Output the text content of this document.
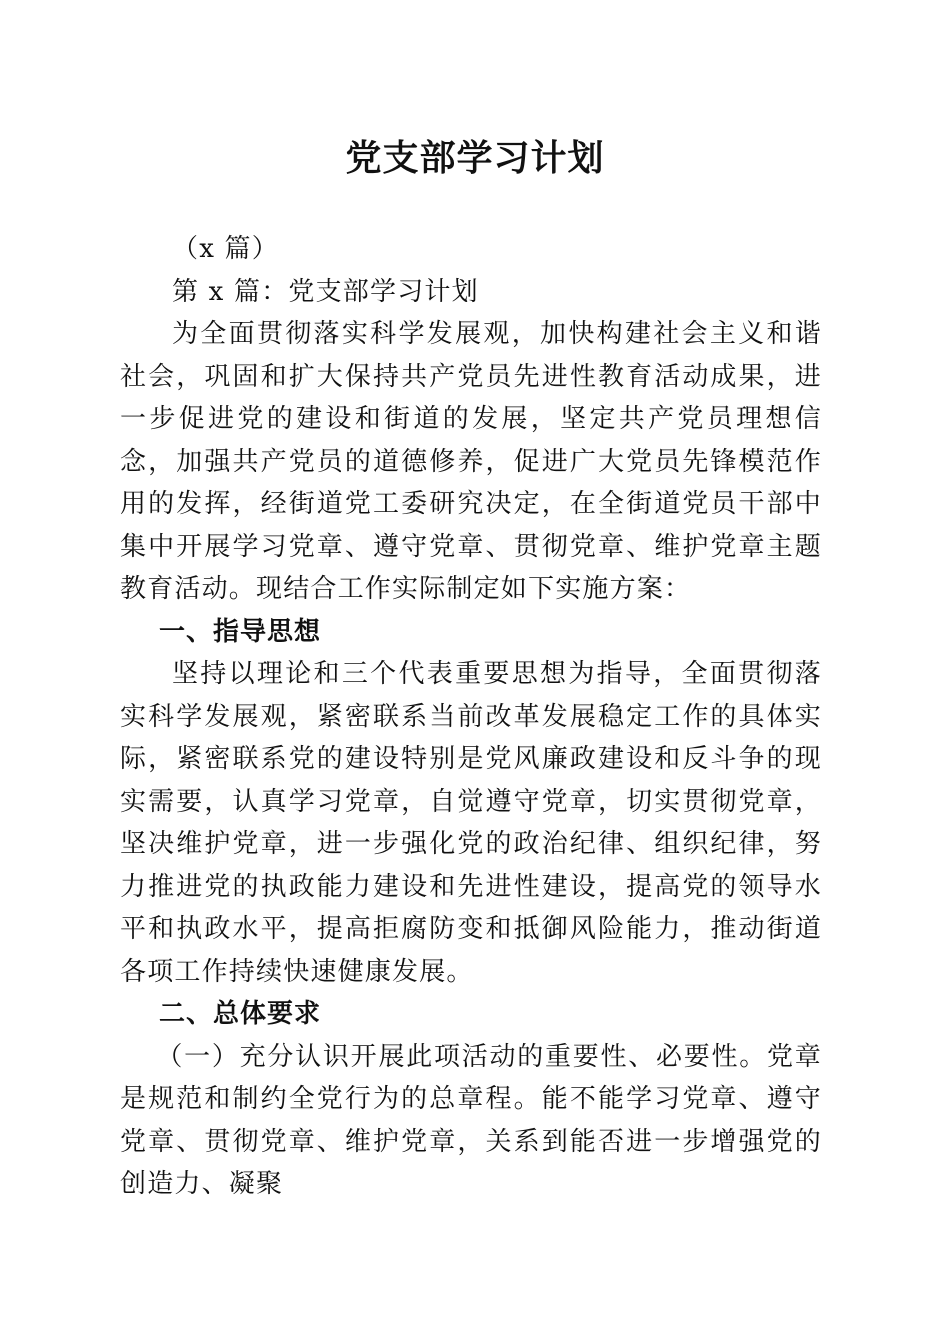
党支部学习计划

（x 篇）

第 x 篇：党支部学习计划

为全面贯彻落实科学发展观，加快构建社会主义和谐社会，巩固和扩大保持共产党员先进性教育活动成果，进一步促进党的建设和街道的发展，坚定共产党员理想信念，加强共产党员的道德修养，促进广大党员先锋模范作用的发挥，经街道党工委研究决定，在全街道党员干部中集中开展学习党章、遵守党章、贯彻党章、维护党章主题教育活动。现结合工作实际制定如下实施方案：

一、指导思想

坚持以理论和三个代表重要思想为指导，全面贯彻落实科学发展观，紧密联系当前改革发展稳定工作的具体实际，紧密联系党的建设特别是党风廉政建设和反斗争的现实需要，认真学习党章，自觉遵守党章，切实贯彻党章，坚决维护党章，进一步强化党的政治纪律、组织纪律，努力推进党的执政能力建设和先进性建设，提高党的领导水平和执政水平，提高拒腐防变和抵御风险能力，推动街道各项工作持续快速健康发展。

二、总体要求

（一）充分认识开展此项活动的重要性、必要性。党章是规范和制约全党行为的总章程。能不能学习党章、遵守党章、贯彻党章、维护党章，关系到能否进一步增强党的创造力、凝聚
